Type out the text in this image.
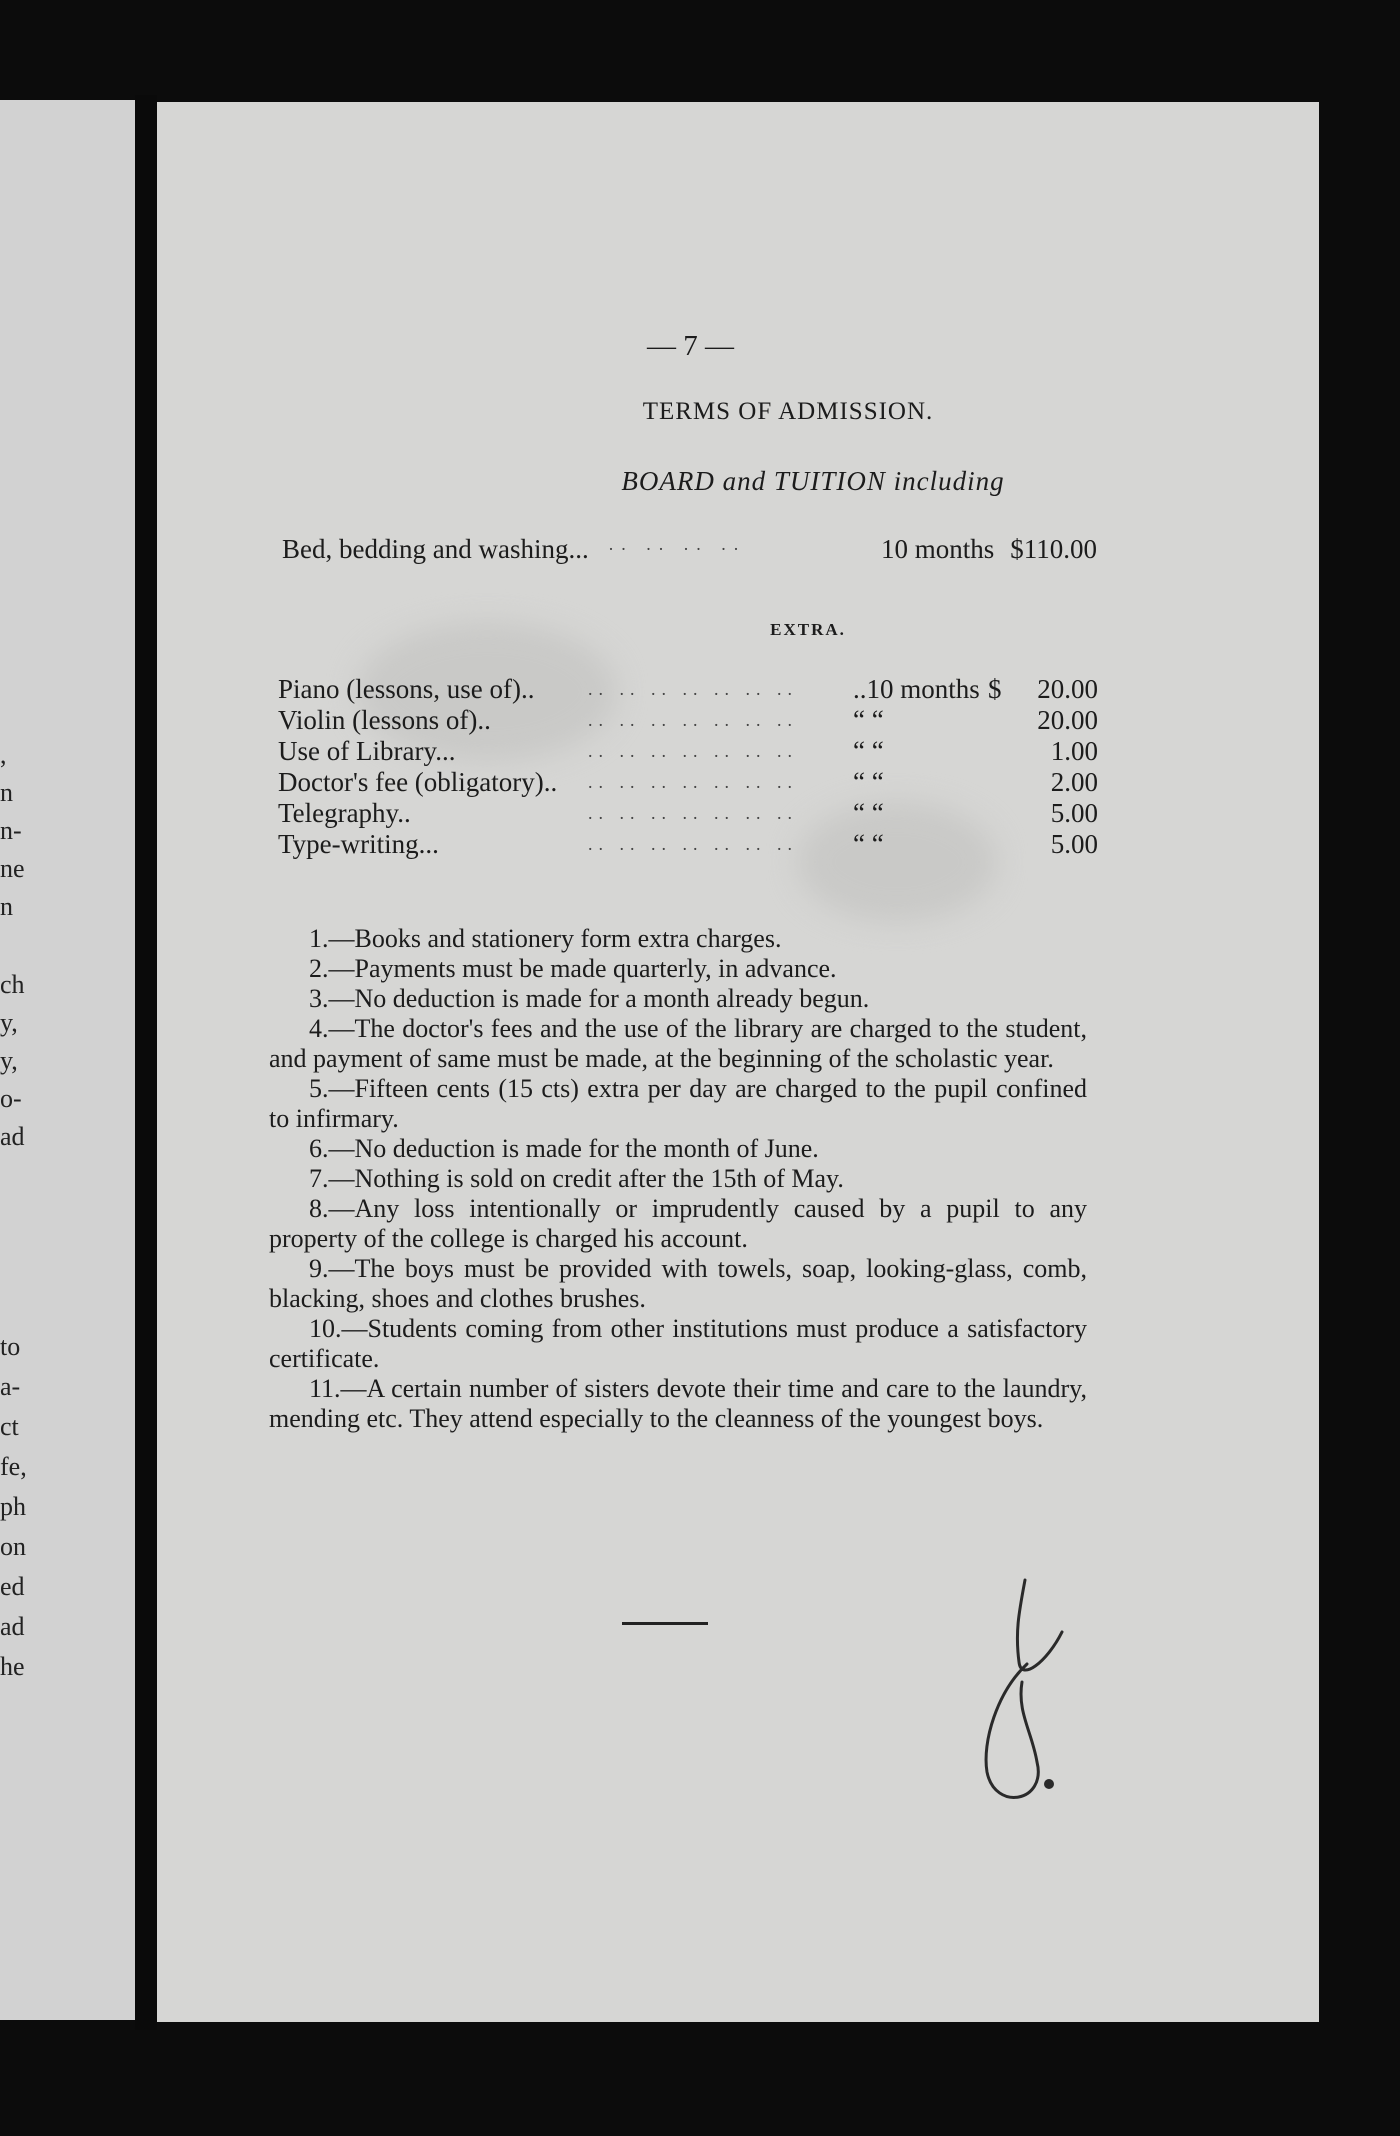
,
n
n-
ne
n
ch
y,
y,
o-
ad
to
a-
ct
fe,
ph
on
ed
ad
he
— 7 —
TERMS OF ADMISSION.
BOARD and TUITION including
Bed, bedding and washing...	.. .. .. ..	10 months $110.00
EXTRA.
Piano (lessons, use of)..	.. .. .. .. .. .. ..	..10 months $	20.00
Violin (lessons of)..	.. .. .. .. .. .. ..	“ “	20.00
Use of Library...	.. .. .. .. .. .. ..	“ “	1.00
Doctor's fee (obligatory)..	.. .. .. .. .. .. ..	“ “	2.00
Telegraphy..	.. .. .. .. .. .. ..	“ “	5.00
Type-writing...	.. .. .. .. .. .. ..	“ “	5.00

1.—Books and stationery form extra charges.

2.—Payments must be made quarterly, in advance.

3.—No deduction is made for a month already begun.

4.—The doctor's fees and the use of the library are charged to the student, and payment of same must be made, at the beginning of the scholastic year.

5.—Fifteen cents (15 cts) extra per day are charged to the pupil confined to infirmary.

6.—No deduction is made for the month of June.

7.—Nothing is sold on credit after the 15th of May.

8.—Any loss intentionally or imprudently caused by a pupil to any property of the college is charged his account.

9.—The boys must be provided with towels, soap, looking-glass, comb, blacking, shoes and clothes brushes.

10.—Students coming from other institutions must produce a satisfactory certificate.

11.—A certain number of sisters devote their time and care to the laundry, mending etc. They attend especially to the cleanness of the youngest boys.
